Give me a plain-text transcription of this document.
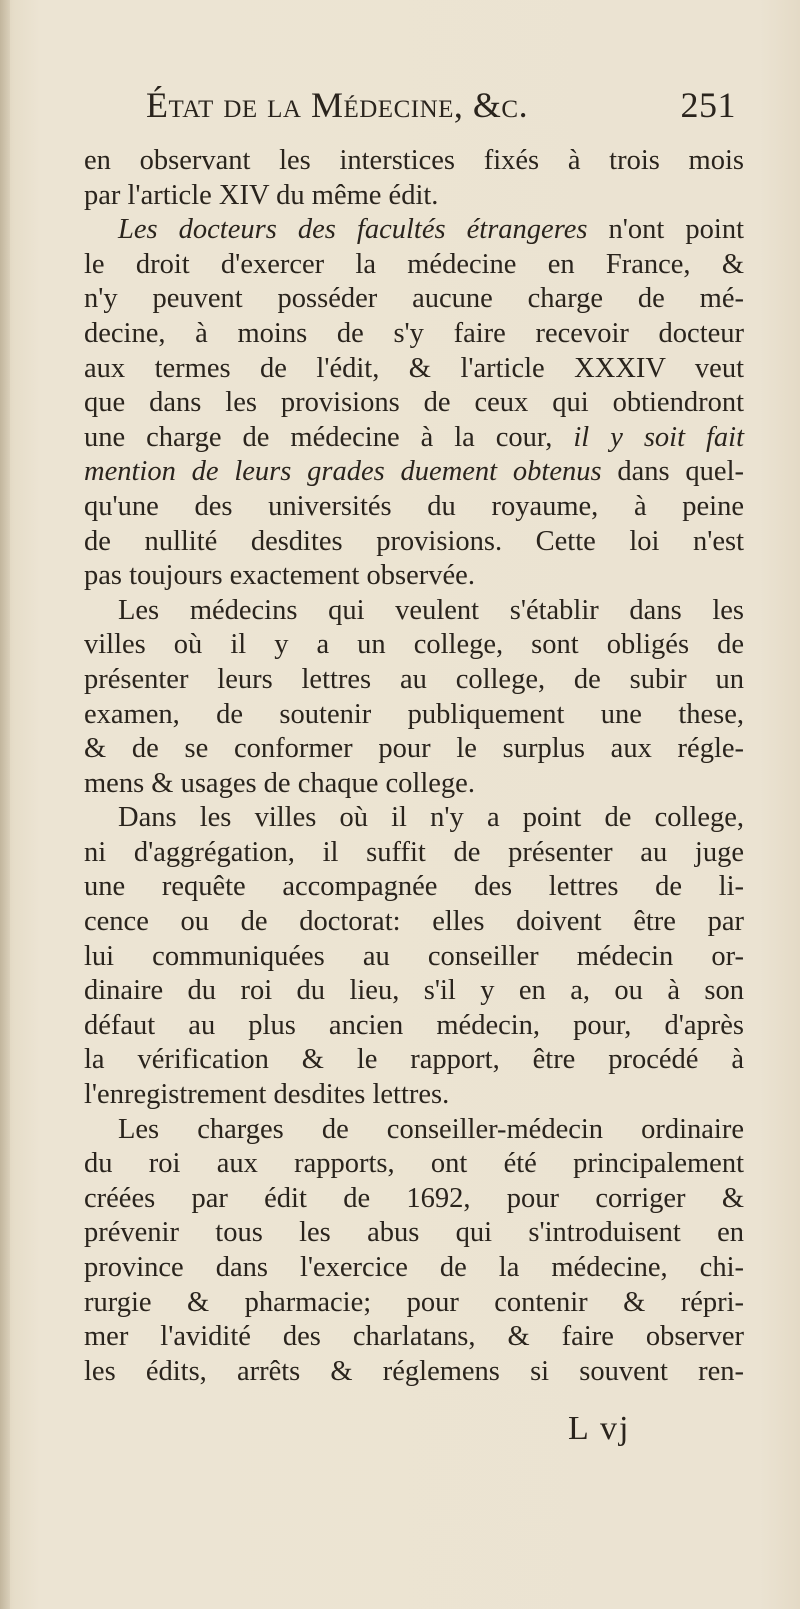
État de la Médecine, &c.	251
en observant les interstices fixés à trois mois
par l'article XIV du même édit.
Les docteurs des facultés étrangeres n'ont point
le droit d'exercer la médecine en France, &
n'y peuvent posséder aucune charge de mé-
decine, à moins de s'y faire recevoir docteur
aux termes de l'édit, & l'article XXXIV veut
que dans les provisions de ceux qui obtiendront
une charge de médecine à la cour, il y soit fait
mention de leurs grades duement obtenus dans quel-
qu'une des universités du royaume, à peine
de nullité desdites provisions. Cette loi n'est
pas toujours exactement observée.
Les médecins qui veulent s'établir dans les
villes où il y a un college, sont obligés de
présenter leurs lettres au college, de subir un
examen, de soutenir publiquement une these,
& de se conformer pour le surplus aux régle-
mens & usages de chaque college.
Dans les villes où il n'y a point de college,
ni d'aggrégation, il suffit de présenter au juge
une requête accompagnée des lettres de li-
cence ou de doctorat: elles doivent être par
lui communiquées au conseiller médecin or-
dinaire du roi du lieu, s'il y en a, ou à son
défaut au plus ancien médecin, pour, d'après
la vérification & le rapport, être procédé à
l'enregistrement desdites lettres.
Les charges de conseiller-médecin ordinaire
du roi aux rapports, ont été principalement
créées par édit de 1692, pour corriger &
prévenir tous les abus qui s'introduisent en
province dans l'exercice de la médecine, chi-
rurgie & pharmacie; pour contenir & répri-
mer l'avidité des charlatans, & faire observer
les édits, arrêts & réglemens si souvent ren-
L vj
